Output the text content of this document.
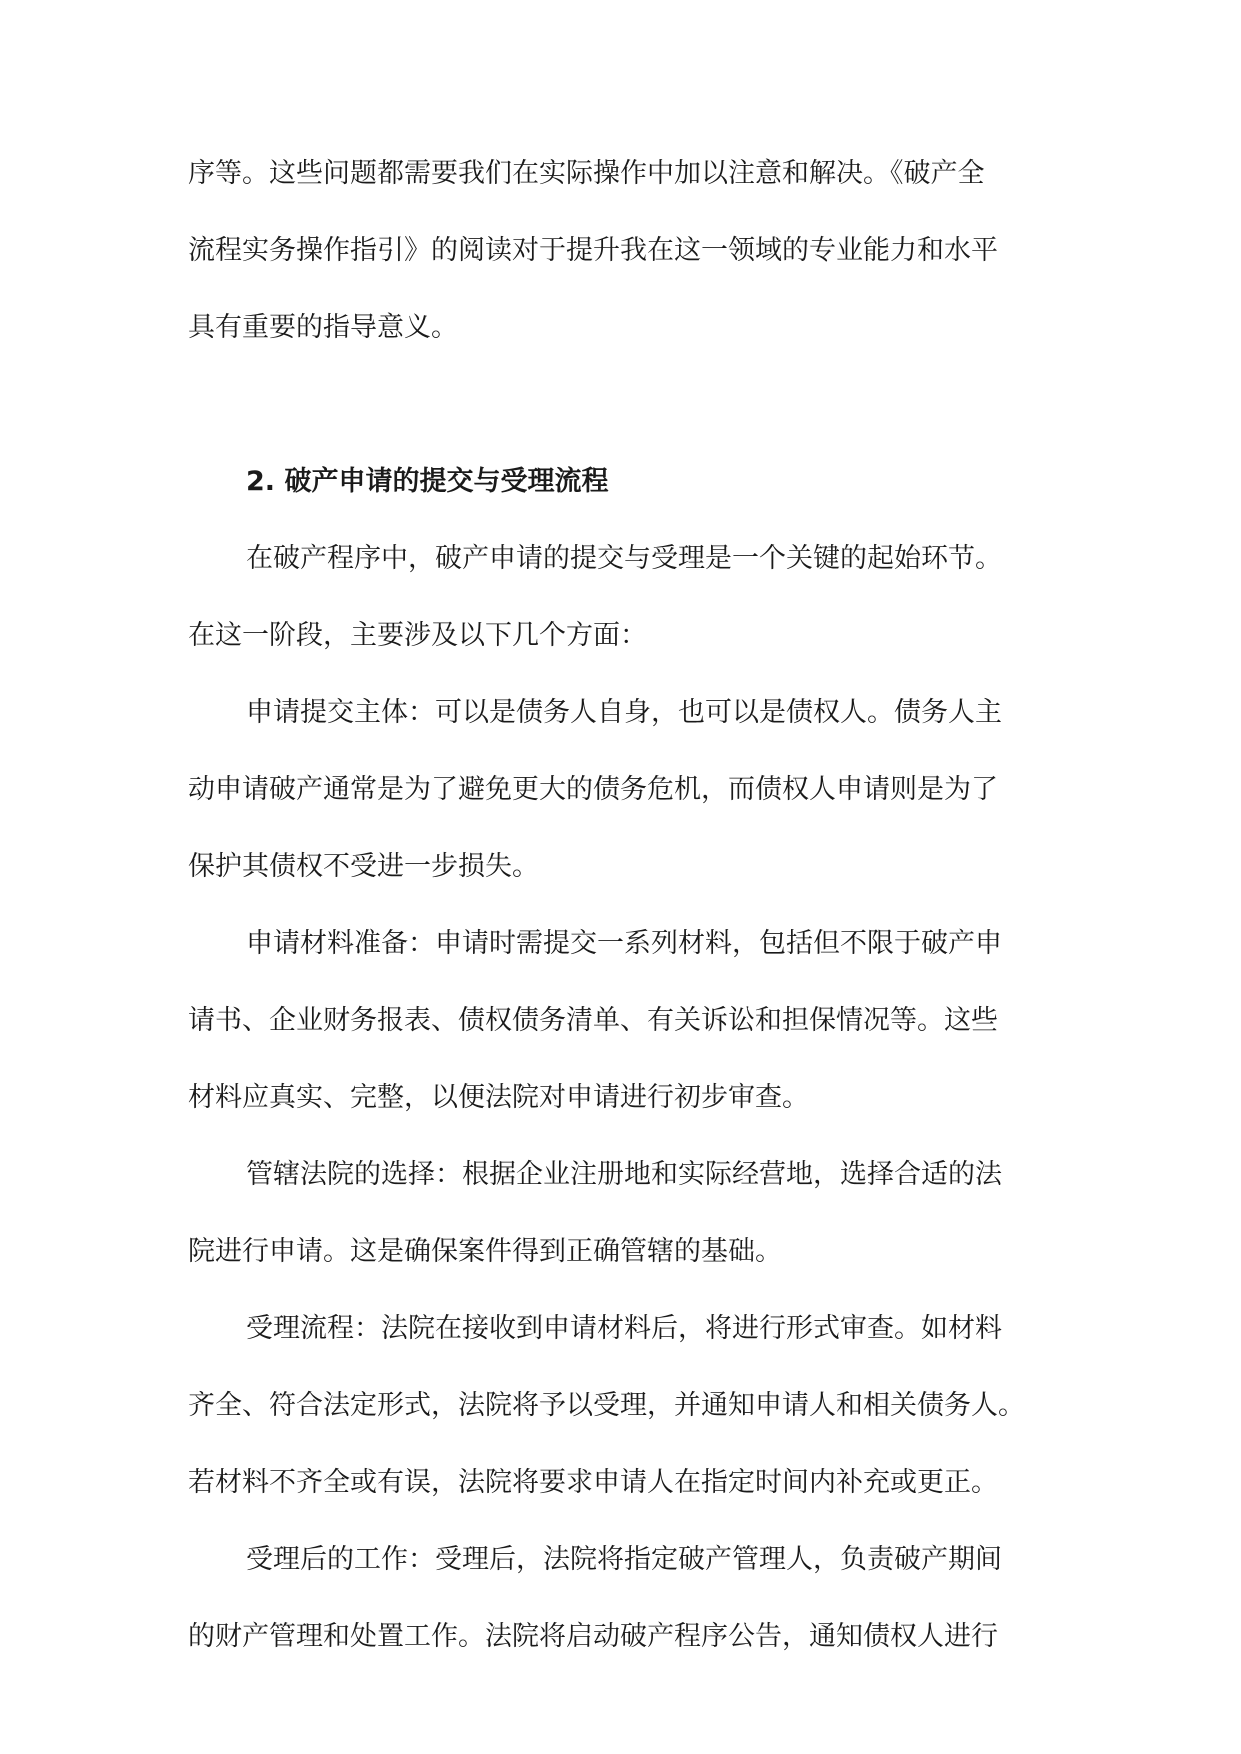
序等。这些问题都需要我们在实际操作中加以注意和解决。《破产全
流程实务操作指引》的阅读对于提升我在这一领域的专业能力和水平
具有重要的指导意义。
2. 破产申请的提交与受理流程
在破产程序中，破产申请的提交与受理是一个关键的起始环节。
在这一阶段，主要涉及以下几个方面：
申请提交主体：可以是债务人自身，也可以是债权人。债务人主
动申请破产通常是为了避免更大的债务危机，而债权人申请则是为了
保护其债权不受进一步损失。
申请材料准备：申请时需提交一系列材料，包括但不限于破产申
请书、企业财务报表、债权债务清单、有关诉讼和担保情况等。这些
材料应真实、完整，以便法院对申请进行初步审查。
管辖法院的选择：根据企业注册地和实际经营地，选择合适的法
院进行申请。这是确保案件得到正确管辖的基础。
受理流程：法院在接收到申请材料后，将进行形式审查。如材料
齐全、符合法定形式，法院将予以受理，并通知申请人和相关债务人。
若材料不齐全或有误，法院将要求申请人在指定时间内补充或更正。
受理后的工作：受理后，法院将指定破产管理人，负责破产期间
的财产管理和处置工作。法院将启动破产程序公告，通知债权人进行
